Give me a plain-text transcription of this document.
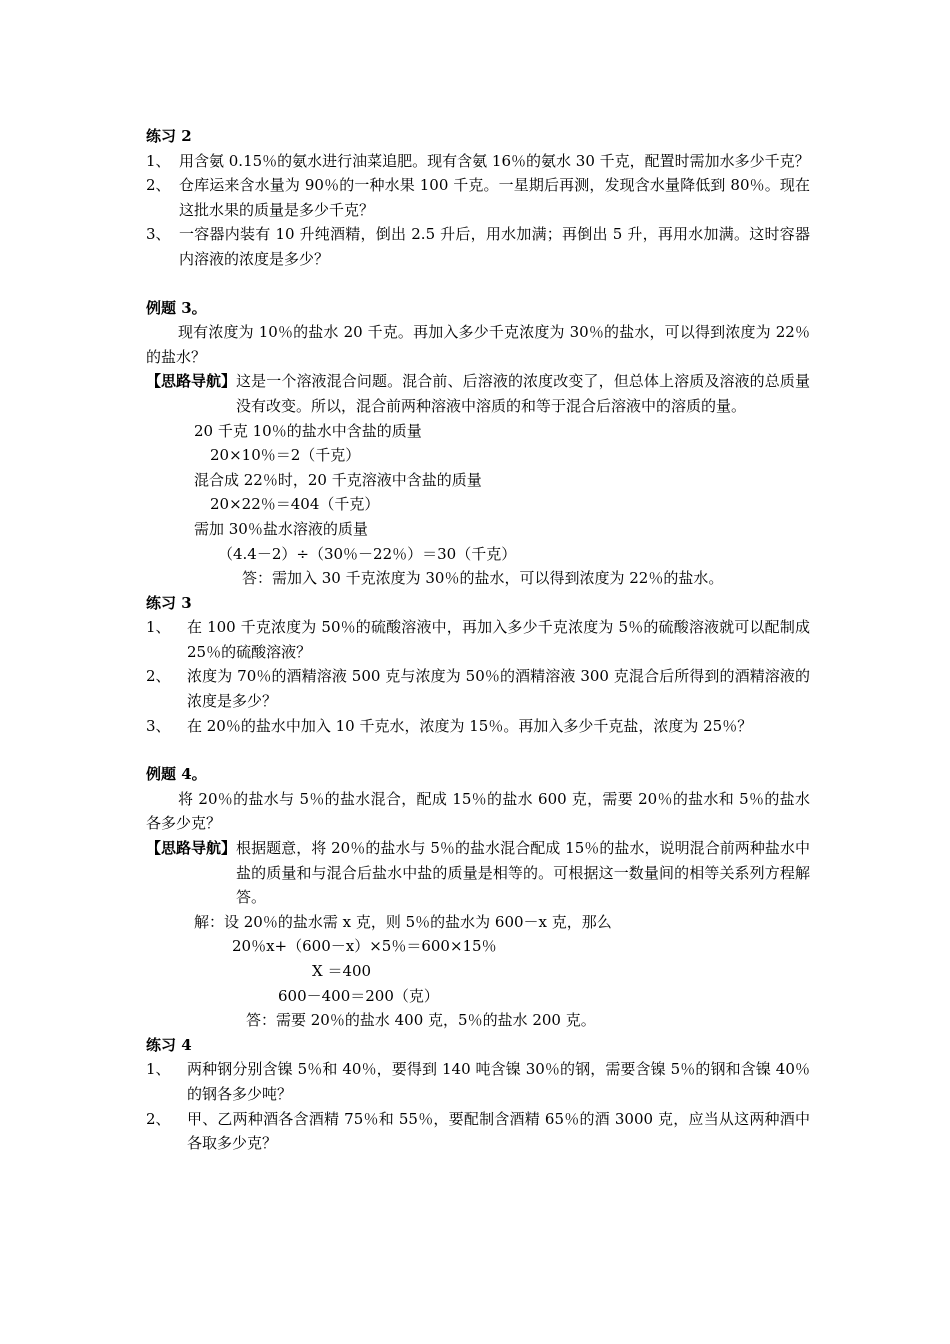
练习 2
1、 用含氨 0.15％的氨水进行油菜追肥。现有含氨 16％的氨水 30 千克，配置时需加水多少千克？
2、 仓库运来含水量为 90％的一种水果 100 千克。一星期后再测，发现含水量降低到 80％。现在这批水果的质量是多少千克？
3、 一容器内装有 10 升纯酒精，倒出 2.5 升后，用水加满；再倒出 5 升，再用水加满。这时容器内溶液的浓度是多少？
例题 3。
现有浓度为 10％的盐水 20 千克。再加入多少千克浓度为 30％的盐水，可以得到浓度为 22％的盐水？
【思路导航】 这是一个溶液混合问题。混合前、后溶液的浓度改变了，但总体上溶质及溶液的总质量没有改变。所以，混合前两种溶液中溶质的和等于混合后溶液中的溶质的量。
20 千克 10％的盐水中含盐的质量
20×10％＝2（千克）
混合成 22％时，20 千克溶液中含盐的质量
20×22％＝404（千克）
需加 30％盐水溶液的质量
（4.4－2）÷（30％－22％）＝30（千克）
答：需加入 30 千克浓度为 30％的盐水，可以得到浓度为 22％的盐水。
练习 3
1、	在 100 千克浓度为 50％的硫酸溶液中，再加入多少千克浓度为 5％的硫酸溶液就可以配制成 25％的硫酸溶液？
2、	浓度为 70％的酒精溶液 500 克与浓度为 50％的酒精溶液 300 克混合后所得到的酒精溶液的浓度是多少？
3、	在 20％的盐水中加入 10 千克水，浓度为 15％。再加入多少千克盐，浓度为 25％？
例题 4。
将 20％的盐水与 5％的盐水混合，配成 15％的盐水 600 克，需要 20％的盐水和 5％的盐水各多少克？
【思路导航】 根据题意，将 20％的盐水与 5％的盐水混合配成 15％的盐水，说明混合前两种盐水中盐的质量和与混合后盐水中盐的质量是相等的。可根据这一数量间的相等关系列方程解答。
解：设 20％的盐水需 x 克，则 5％的盐水为 600－x 克，那么
20％x+（600－x）×5％＝600×15％
X ＝400
600－400＝200（克）
答：需要 20％的盐水 400 克，5％的盐水 200 克。
练习 4
1、	两种钢分别含镍 5％和 40％，要得到 140 吨含镍 30％的钢，需要含镍 5％的钢和含镍 40％的钢各多少吨？
2、	甲、乙两种酒各含酒精 75％和 55％，要配制含酒精 65％的酒 3000 克，应当从这两种酒中各取多少克？
